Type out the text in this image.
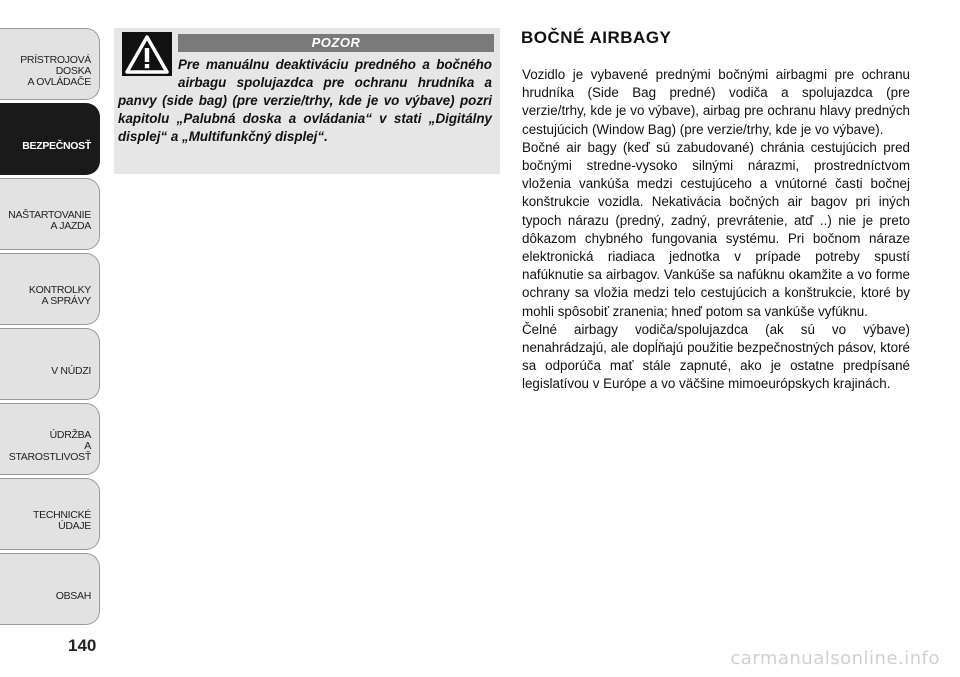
PRÍSTROJOVÁ
DOSKA
A OVLÁDAČE
BEZPEČNOSŤ
NAŠTARTOVANIE
A JAZDA
KONTROLKY
A SPRÁVY
V NÚDZI
ÚDRŽBA
A STAROSTLIVOSŤ
TECHNICKÉ ÚDAJE
OBSAH
140
POZOR
Pre manuálnu deaktiváciu predného a bočného airbagu spolujazdca pre ochranu hrudníka a panvy (side bag) (pre verzie/trhy, kde je vo výbave) pozri kapitolu „Palubná doska a ovládania“ v stati „Digitálny displej“ a „Multifunkčný displej“.
BOČNÉ AIRBAGY

Vozidlo je vybavené prednými bočnými airbagmi pre ochranu hrudníka (Side Bag predné) vodiča a spolujazdca (pre verzie/trhy, kde je vo výbave), airbag pre ochranu hlavy predných cestujúcich (Window Bag) (pre verzie/trhy, kde je vo výbave).

Bočné air bagy (keď sú zabudované) chránia cestujúcich pred bočnými stredne-vysoko silnými nárazmi, prostredníctvom vloženia vankúša medzi cestujúceho a vnútorné časti bočnej konštrukcie vozidla. Nekativácia bočných air bagov pri iných typoch nárazu (predný, zadný, prevrátenie, atď ..) nie je preto dôkazom chybného fungovania systému. Pri bočnom náraze elektronická riadiaca jednotka v prípade potreby spustí nafúknutie sa airbagov. Vankúše sa nafúknu okamžite a vo forme ochrany sa vložia medzi telo cestujúcich a konštrukcie, ktoré by mohli spôsobiť zranenia; hneď potom sa vankúše vyfúknu.

Čelné airbagy vodiča/spolujazdca (ak sú vo výbave) nenahrádzajú, ale dopĺňajú použitie bezpečnostných pásov, ktoré sa odporúča mať stále zapnuté, ako je ostatne predpísané legislatívou v Európe a vo väčšine mimoeurópskych krajinách.

carmanualsonline.info
